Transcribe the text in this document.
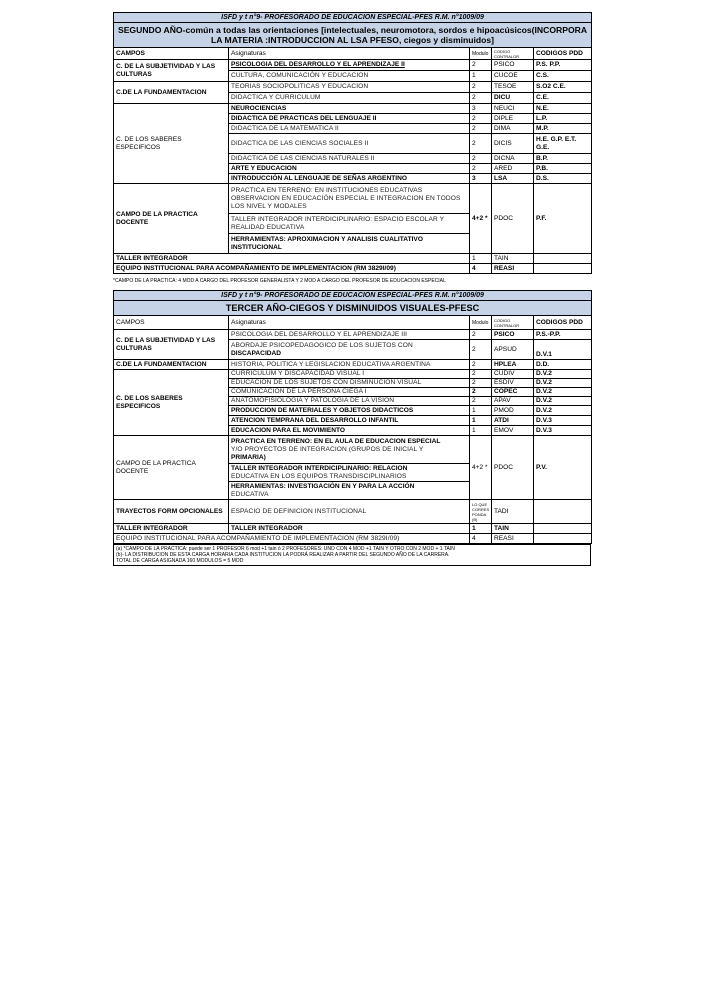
ISFD y t n°9- PROFESORADO DE EDUCACION ESPECIAL-PFES R.M. n°1009/09				
SEGUNDO AÑO-común a todas las orientaciones [intelectuales, neuromotora, sordos e hipoacúsicos(INCORPORA LA MATERIA :INTRODUCCION AL LSA PFESO, ciegos y disminuidos]				
CAMPOS	Asignaturas	Modulo	CODIGO CONTRALOR	CODIGOS PDD
C. DE LA SUBJETIVIDAD Y LAS CULTURAS	PSICOLOGIA DEL DESARROLLO Y EL APRENDIZAJE II	2	PSICO	P.S. P.P.
	CULTURA, COMUNICACIÓN Y EDUCACION	1	CUCOE	C.S.
C.DE LA FUNDAMENTACION	TEORIAS SOCIOPOLITICAS Y EDUCACION	2	TESOE	S.O2 C.E.
	DIDACTICA Y CURRICULUM	2	DICU	C.E.
C. DE LOS SABERES ESPECIFICOS	NEUROCIENCIAS	3	NEUCI	N.E.
	DIDACTICA DE PRACTICAS DEL LENGUAJE II	2	DIPLE	L.P.
	DIDACTICA DE LA MATEMATICA II	2	DIMA	M.P.
	DIDACTICA DE LAS CIENCIAS SOCIALES II	2	DICIS	H.E. G.P. E.T. G.E.
	DIDACTICA DE LAS CIENCIAS NATURALES II	2	DICNA	B.P.
	ARTE Y EDUCACION	2	ARED	P.B.
	INTRODUCCIÓN AL LENGUAJE DE SEÑAS ARGENTINO	3	LSA	D.S.
CAMPO DE LA PRACTICA DOCENTE	PRACTICA EN TERRENO: EN INSTITUCIONES EDUCATIVAS OBSERVACION EN EDUCACIÓN ESPECIAL E INTEGRACION EN TODOS LOS NIVEL Y MODALES	4+2 *	PDOC	P.F.
	TALLER INTEGRADOR INTERDICIPLINARIO: ESPACIO ESCOLAR Y REALIDAD EDUCATIVA			
	HERRAMIENTAS: APROXIMACION Y ANALISIS CUALITATIVO INSTITUCIONAL			
TALLER INTEGRADOR		1	TAIN	
EQUIPO INSTITUCIONAL PARA ACOMPAÑAMIENTO DE IMPLEMENTACION (RM 3829I/09)		4	REASI	
*CAMPO DE LA PRACTICA: 4 MOD A CARGO DEL PROFESOR GENERALISTA Y 2 MOD A CARGO DEL PROFESOR DE EDUCACION ESPECIAL
ISFD y t n°9- PROFESORADO DE EDUCACION ESPECIAL-PFES R.M. n°1009/09				
TERCER AÑO-CIEGOS Y DISMINUIDOS VISUALES-PFESC				
CAMPOS	Asignaturas	Modulo	CODIGO CONTRALOR	CODIGOS PDD
C. DE LA SUBJETIVIDAD Y LAS CULTURAS	PSICOLOGIA DEL DESARROLLO Y EL APRENDIZAJE III	2	PSICO	P.S.-P.P.

	ABORDAJE PSICOPEDAGOGICO DE LOS SUJETOS CON
DISCAPACIDAD	2	APSUD	D.V.1
C.DE LA FUNDAMENTACION	HISTORIA, POLITICA Y LEGISLACION EDUCATIVA ARGENTINA	2	HPLEA	D.D.
C. DE LOS SABERES ESPECIFICOS	CURRICULUM Y DISCAPACIDAD VISUAL I	2	CUDIV	D.V.2
	EDUCACION DE LOS SUJETOS CON DISMINUCION VISUAL	2	ESDIV	D.V.2
	COMUNICACIÓN DE LA PERSONA CIEGA I	2	COPEC	D.V.2
	ANATOMOFISIOLOGIA Y PATOLOGIA DE LA VISION	2	APAV	D.V.2
	PRODUCCION DE MATERIALES Y OBJETOS DIDACTICOS	1	PMOD	D.V.2
	ATENCION TEMPRANA DEL DESARROLLO INFANTIL	1	ATDI	D.V.3
	EDUCACION PARA EL MOVIMIENTO	1	EMOV	D.V.3
CAMPO DE LA PRACTICA DOCENTE	PRACTICA EN TERRENO: EN EL AULA DE EDUCACION ESPECIAL
Y/O PROYECTOS DE INTEGRACION (GRUPOS DE INICIAL Y
PRIMARIA)	4+2 *	PDOC	P.V.

	TALLER INTEGRADOR INTERDICIPLINARIO: RELACION
EDUCATIVA EN LOS EQUIPOS TRANSDISCIPLINARIOS			

	HERRAMIENTAS: INVESTIGACIÓN EN Y PARA LA ACCIÓN
EDUCATIVA			

TRAYECTOS FORM OPCIONALES	ESPACIO DE DEFINICION INSTITUCIONAL	LO QUE CORRES PONDA (B)	TADI	
TALLER INTEGRADOR	TALLER INTEGRADOR	1	TAIN	
EQUIPO INSTITUCIONAL PARA ACOMPAÑAMIENTO DE IMPLEMENTACION (RM 3829I/09)		4	REASI	
(a) *CAMPO DE LA PRACTICA: puede ser 1 PROFESOR 6 mod +1 tain ó 2 PROFESORES: UNO CON 4 MOD +1 TAIN Y OTRO CON 2 MOD + 1 TAIN
(b)- LA DISTRIBUCION DE ESTA CARGA HORARIA CADA INSTITUCION LA PODRÁ REALIZAR A PARTIR DEL SEGUNDO AÑO DE LA CARRERA.
TOTAL DE CARGA ASIGNADA 160 MODULOS = 5 MOD
